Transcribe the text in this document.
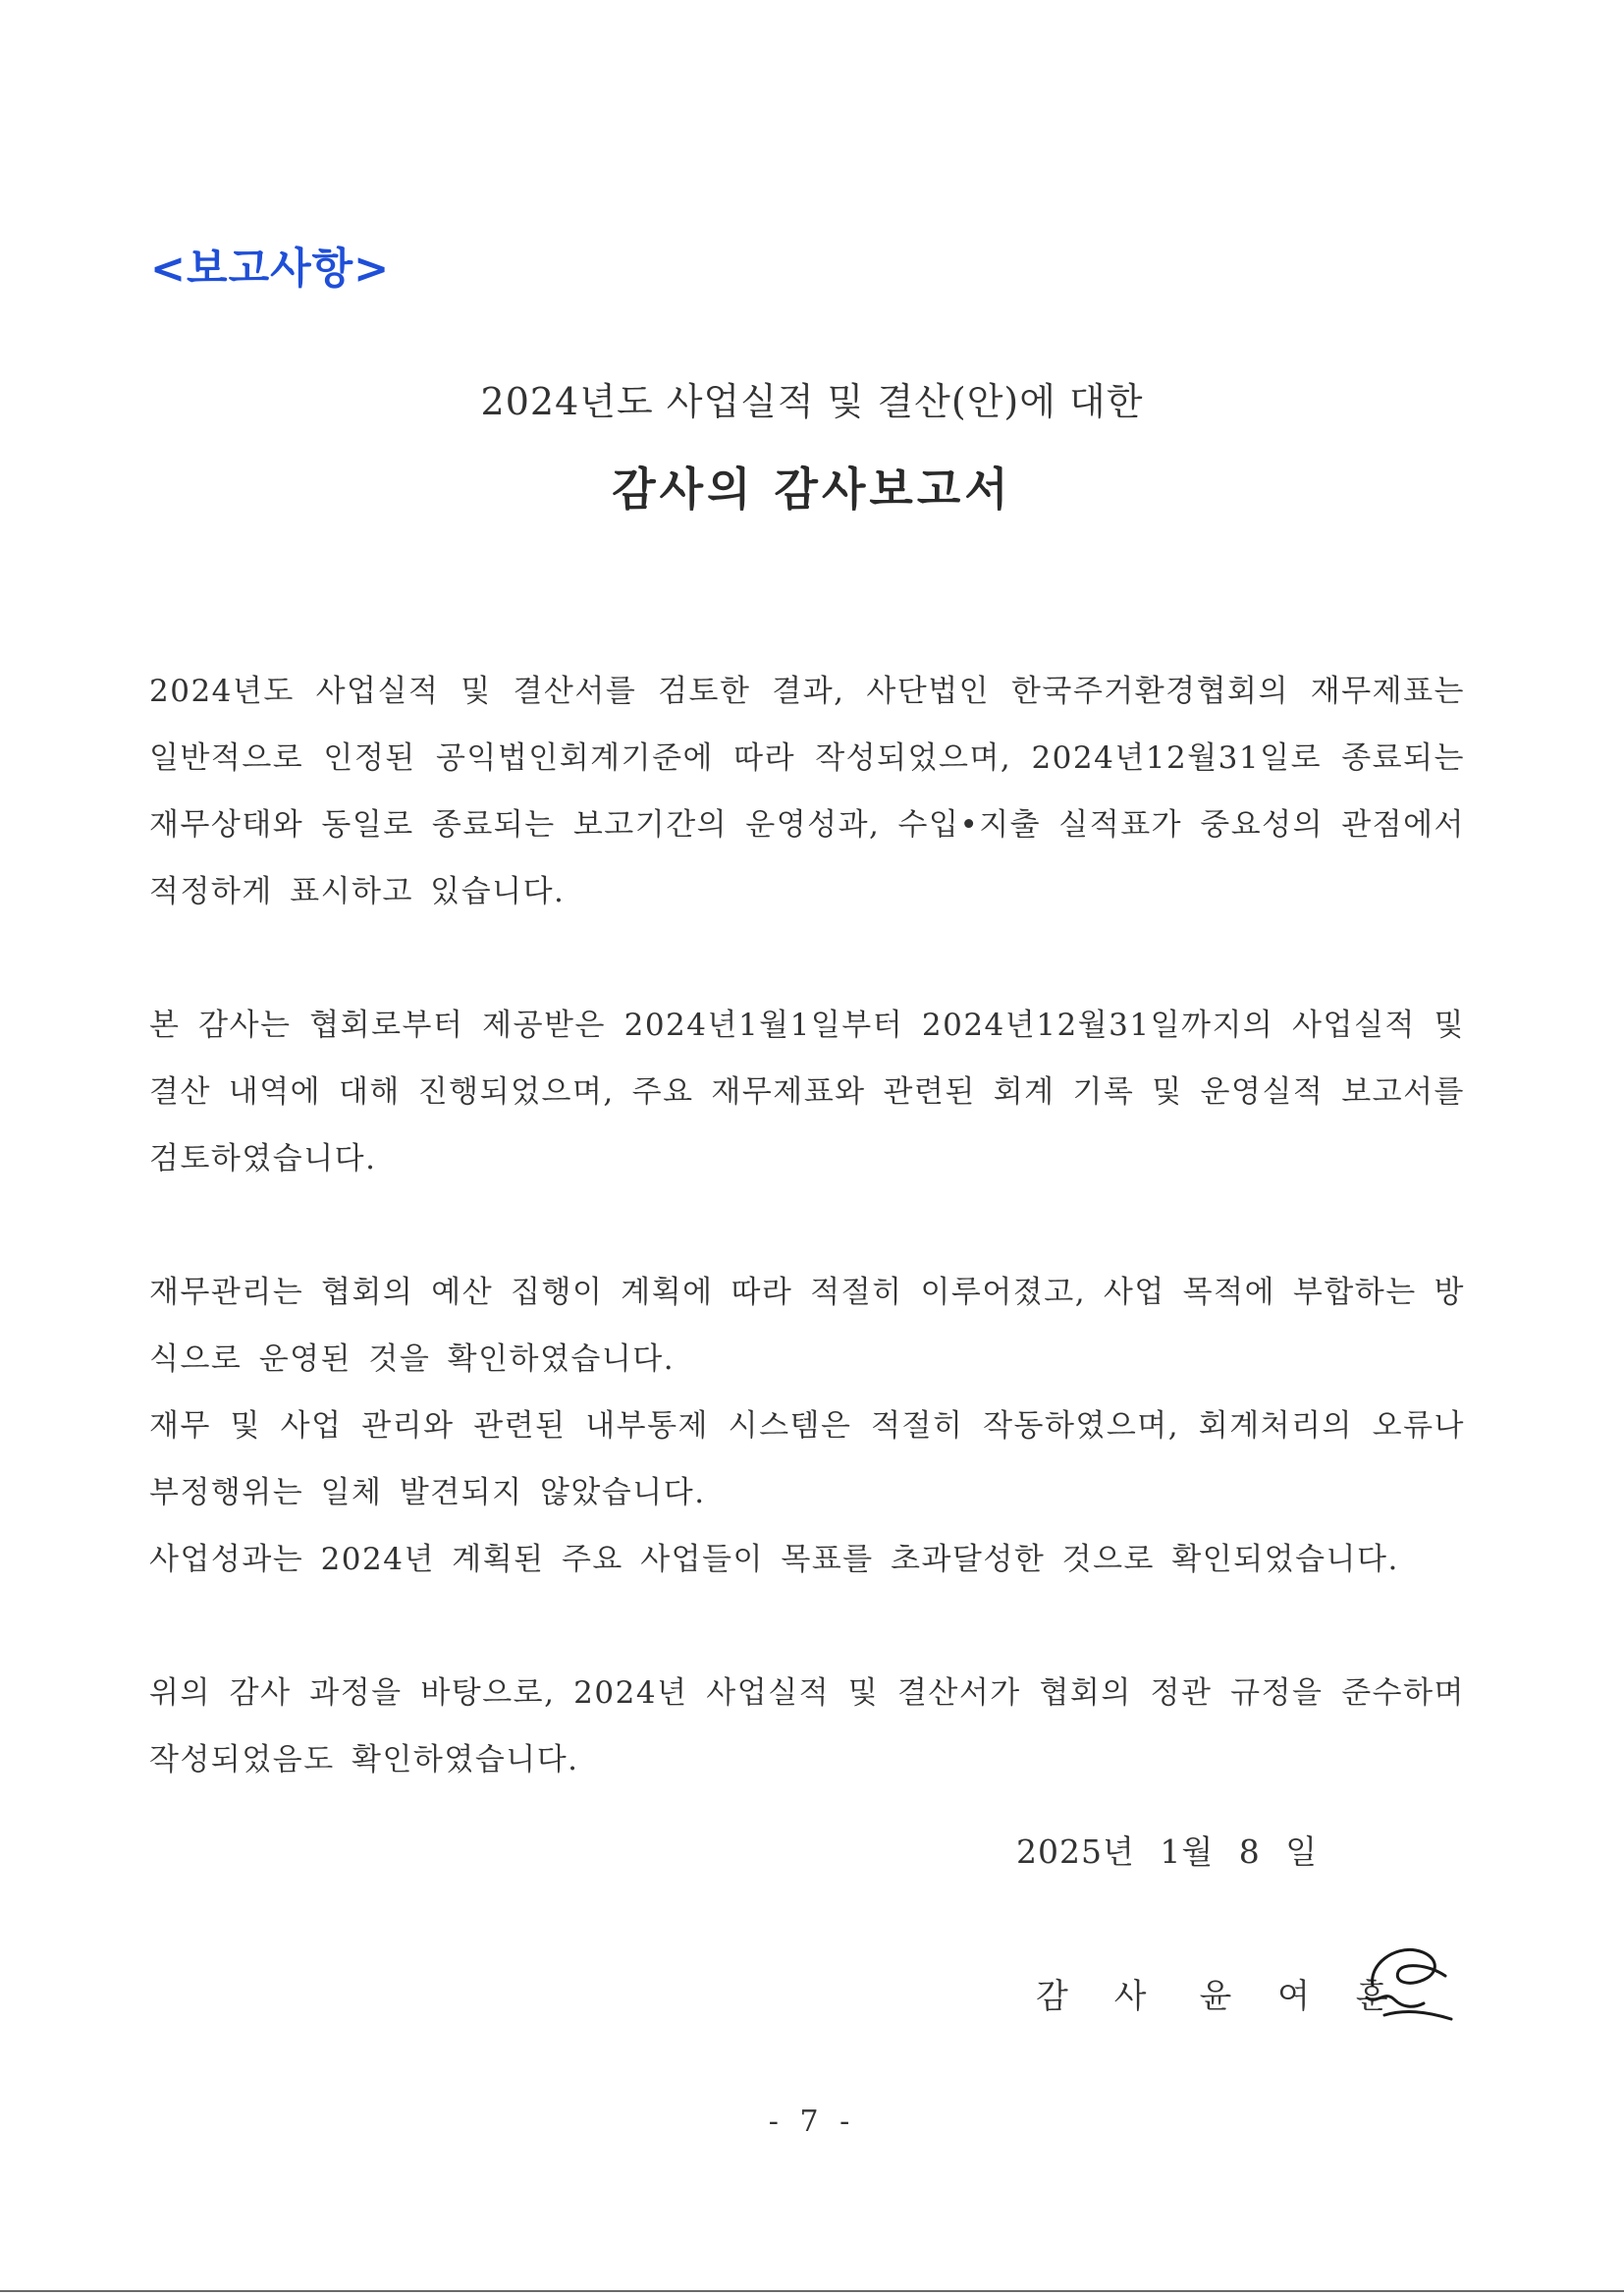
<보고사항>
2024년도 사업실적 및 결산(안)에 대한
감사의 감사보고서

2024년도 사업실적 및 결산서를 검토한 결과, 사단법인 한국주거환경협회의 재무제표는 일반적으로 인정된 공익법인회계기준에 따라 작성되었으며, 2024년12월31일로 종료되는 재무상태와 동일로 종료되는 보고기간의 운영성과, 수입•지출 실적표가 중요성의 관점에서 적정하게 표시하고 있습니다.

본 감사는 협회로부터 제공받은 2024년1월1일부터 2024년12월31일까지의 사업실적 및 결산 내역에 대해 진행되었으며, 주요 재무제표와 관련된 회계 기록 및 운영실적 보고서를 검토하였습니다.

재무관리는 협회의 예산 집행이 계획에 따라 적절히 이루어졌고, 사업 목적에 부합하는 방식으로 운영된 것을 확인하였습니다.

재무 및 사업 관리와 관련된 내부통제 시스템은 적절히 작동하였으며, 회계처리의 오류나 부정행위는 일체 발견되지 않았습니다.

사업성과는 2024년 계획된 주요 사업들이 목표를 초과달성한 것으로 확인되었습니다.

위의 감사 과정을 바탕으로, 2024년 사업실적 및 결산서가 협회의 정관 규정을 준수하며 작성되었음도 확인하였습니다.

2025년 1월 8 일
감 사 윤 여 훈
- 7 -
